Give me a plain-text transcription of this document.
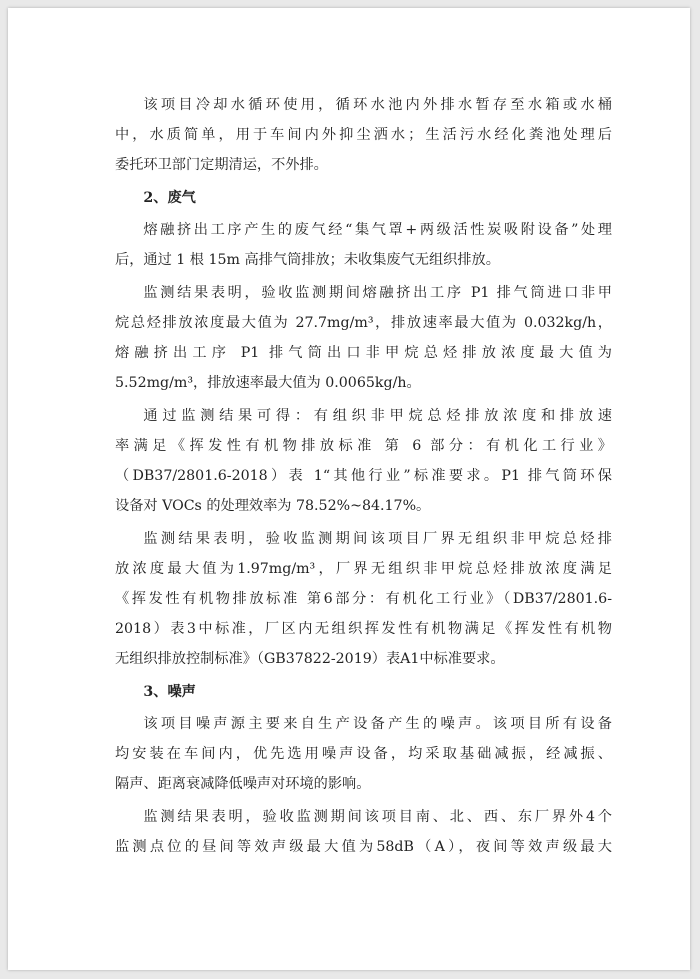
该项目冷却水循环使用，循环水池内外排水暂存至水箱或水桶
中，水质简单，用于车间内外抑尘洒水；生活污水经化粪池处理后
委托环卫部门定期清运，不外排。

2、废气

熔融挤出工序产生的废气经“集气罩+两级活性炭吸附设备”处理
后，通过 1 根 15m 高排气筒排放；未收集废气无组织排放。

监测结果表明，验收监测期间熔融挤出工序 P1 排气筒进口非甲
烷总烃排放浓度最大值为 27.7mg/m³，排放速率最大值为 0.032kg/h，
熔融挤出工序 P1 排气筒出口非甲烷总烃排放浓度最大值为
5.52mg/m³，排放速率最大值为 0.0065kg/h。

通过监测结果可得：有组织非甲烷总烃排放浓度和排放速
率满足《挥发性有机物排放标准 第 6 部分：有机化工行业》
（DB37/2801.6-2018）表 1“其他行业”标准要求。P1 排气筒环保
设备对 VOCs 的处理效率为 78.52%~84.17%。

监测结果表明，验收监测期间该项目厂界无组织非甲烷总烃排
放浓度最大值为1.97mg/m³，厂界无组织非甲烷总烃排放浓度满足
《挥发性有机物排放标准 第6部分：有机化工行业》（DB37/2801.6-
2018）表3中标准，厂区内无组织挥发性有机物满足《挥发性有机物
无组织排放控制标准》（GB37822-2019）表A1中标准要求。

3、噪声

该项目噪声源主要来自生产设备产生的噪声。该项目所有设备
均安装在车间内，优先选用噪声设备，均采取基础减振，经减振、
隔声、距离衰减降低噪声对环境的影响。

监测结果表明，验收监测期间该项目南、北、西、东厂界外4个
监测点位的昼间等效声级最大值为58dB（A），夜间等效声级最大
